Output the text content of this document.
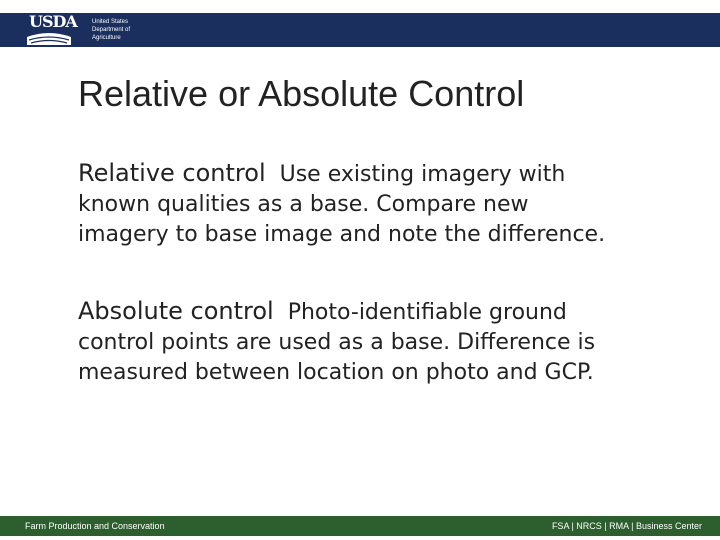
USDA	United States
Department of
Agriculture
Relative or Absolute Control
Relative control Use existing imagery with
known qualities as a base. Compare new
imagery to base image and note the difference.
Absolute control Photo-identifiable ground
control points are used as a base. Difference is
measured between location on photo and GCP.
Farm Production and Conservation	FSA | NRCS | RMA | Business Center
